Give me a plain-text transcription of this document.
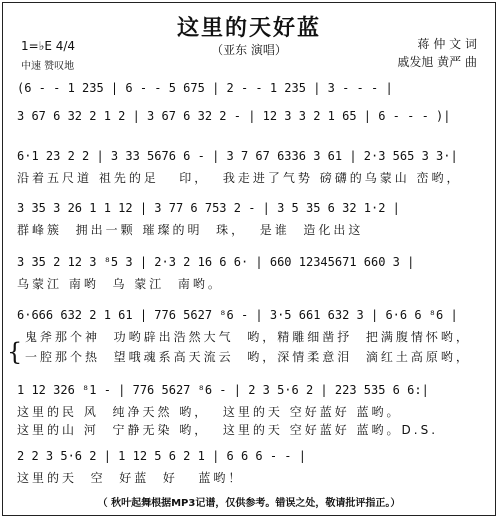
这里的天好蓝
（亚东 演唱）
1=♭E 4/4
中速 赞叹地
蒋 仲 文 词
戚发旭 黄严 曲
(6 - - 1 235 | 6 - - 5 675 | 2 - - 1 235 | 3 - - - |
3 67 6 32 2 1 2 | 3 67 6 32 2 - | 12 3 3 2 1 65 | 6 - - - )|
6·1 23 2 2 | 3 33 5676 6 - | 3 7 67 6336 3 61 | 2·3 565 3 3·|
沿着五尺道 祖先的足   印，  我走进了气势 磅礴的乌蒙山 峦哟，
3 35 3 26 1 1 12 | 3 77 6 753 2 - | 3 5 35 6 32 1·2 |
群峰簇  拥出一颗 璀璨的明  珠，  是谁  造化出这
3 35 2 12 3 ⁸5 3 | 2·3 2 16 6 6· | 660 12345671 660 3 |
乌蒙江 南哟  乌 蒙江  南哟。
6·666 632 2 1 61 | 776 5627 ⁸6 - | 3·5 661 632 3 | 6·6 6 ⁸6 |
{
鬼斧那个神  功哟辟出浩然大气  哟，精雕细凿抒  把满腹情怀哟，
一腔那个热  望哦魂系高天流云  哟，深情柔意泪  滴红土高原哟，
1 12 326 ⁸1 - | 776 5627 ⁸6 - | 2 3 5·6 2 | 223 535 6 6:|
这里的民 风  纯净天然 哟，  这里的天 空好蓝好 蓝哟。
这里的山 河  宁静无染 哟，  这里的天 空好蓝好 蓝哟。D.S.
2 2 3 5·6 2 | 1 12 5 6 2 1 | 6 6 6 - - |
这里的天  空  好蓝  好   蓝哟！
（ 秋叶起舞根据MP3记谱，仅供参考。错误之处，敬请批评指正。）
